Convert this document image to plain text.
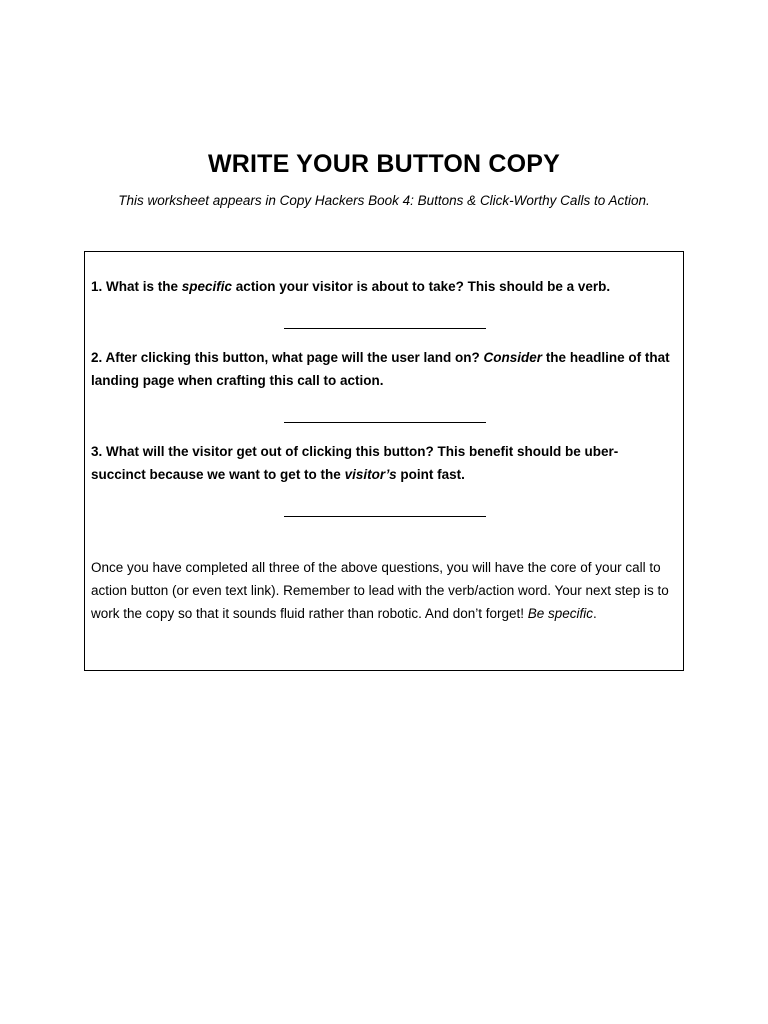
WRITE YOUR BUTTON COPY

This worksheet appears in Copy Hackers Book 4: Buttons & Click-Worthy Calls to Action.

1. What is the specific action your visitor is about to take? This should be a verb.

2. After clicking this button, what page will the user land on? Consider the headline of that landing page when crafting this call to action.

3. What will the visitor get out of clicking this button? This benefit should be uber-succinct because we want to get to the visitor’s point fast.

Once you have completed all three of the above questions, you will have the core of your call to action button (or even text link). Remember to lead with the verb/action word. Your next step is to work the copy so that it sounds fluid rather than robotic. And don’t forget! Be specific.
